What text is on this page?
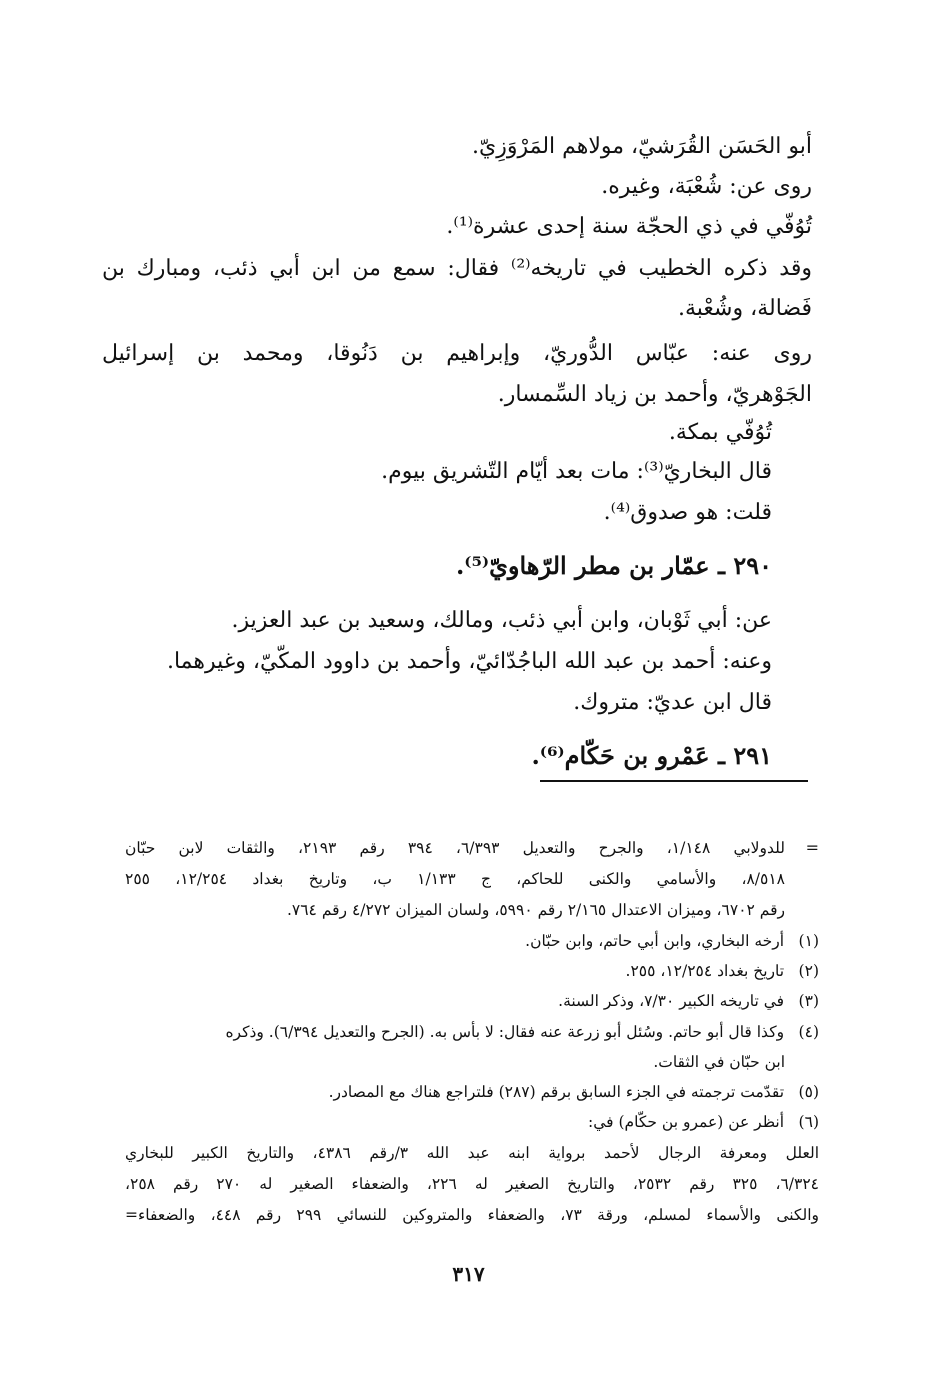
أبو الحَسَن القُرَشيّ، مولاهم المَرْوَزِيّ.
روى عن: شُعْبَة، وغيره.
تُوُفّي في ذي الحجّة سنة إحدى عشرة⁽¹⁾.
وقد ذكره الخطيب في تاريخه⁽²⁾ فقال: سمع من ابن أبي ذئب، ومبارك بن
فَضالة، وشُعْبة.
روى عنه: عبّاس الدُّوريّ، وإبراهيم بن دَنُوقا، ومحمد بن إسرائيل
الجَوْهريّ، وأحمد بن زياد السِّمسار.
تُوُفّي بمكة.
قال البخاريّ⁽³⁾: مات بعد أيّام التّشريق بيوم.
قلت: هو صدوق⁽⁴⁾.
٢٩٠ ـ عمّار بن مطر الرّهاويّ⁽⁵⁾.
عن: أبي ثَوْبان، وابن أبي ذئب، ومالك، وسعيد بن عبد العزيز.
وعنه: أحمد بن عبد الله الباجُدّائيّ، وأحمد بن داوود المكّيّ، وغيرهما.
قال ابن عديّ: متروك.
٢٩١ ـ عَمْرو بن حَكّام⁽⁶⁾.
=
للدولابي ١/١٤٨، والجرح والتعديل ٦/٣٩٣، ٣٩٤ رقم ٢١٩٣، والثقات لابن حبّان
٨/٥١٨، والأسامي والكنى للحاكم، ج ١/١٣٣ ب، وتاريخ بغداد ١٢/٢٥٤، ٢٥٥
رقم ٦٧٠٢، وميزان الاعتدال ٢/١٦٥ رقم ٥٩٩٠، ولسان الميزان ٤/٢٧٢ رقم ٧٦٤.
(١) أرخه البخاري، وابن أبي حاتم، وابن حبّان.
(٢) تاريخ بغداد ١٢/٢٥٤، ٢٥٥.
(٣) في تاريخه الكبير ٧/٣٠، وذكر السنة.
(٤) وكذا قال أبو حاتم. وسُئل أبو زرعة عنه فقال: لا بأس به. (الجرح والتعديل ٦/٣٩٤). وذكره
ابن حبّان في الثقات.
(٥) تقدّمت ترجمته في الجزء السابق برقم (٢٨٧) فلتراجع هناك مع المصادر.
(٦) أنظر عن (عمرو بن حكّام) في:
العلل ومعرفة الرجال لأحمد برواية ابنه عبد الله ٣/رقم ٤٣٨٦، والتاريخ الكبير للبخاري
٦/٣٢٤، ٣٢٥ رقم ٢٥٣٢، والتاريخ الصغير له ٢٢٦، والضعفاء الصغير له ٢٧٠ رقم ٢٥٨،
والكنى والأسماء لمسلم، ورقة ٧٣، والضعفاء والمتروكين للنسائي ٢٩٩ رقم ٤٤٨، والضعفاء=
٣١٧
